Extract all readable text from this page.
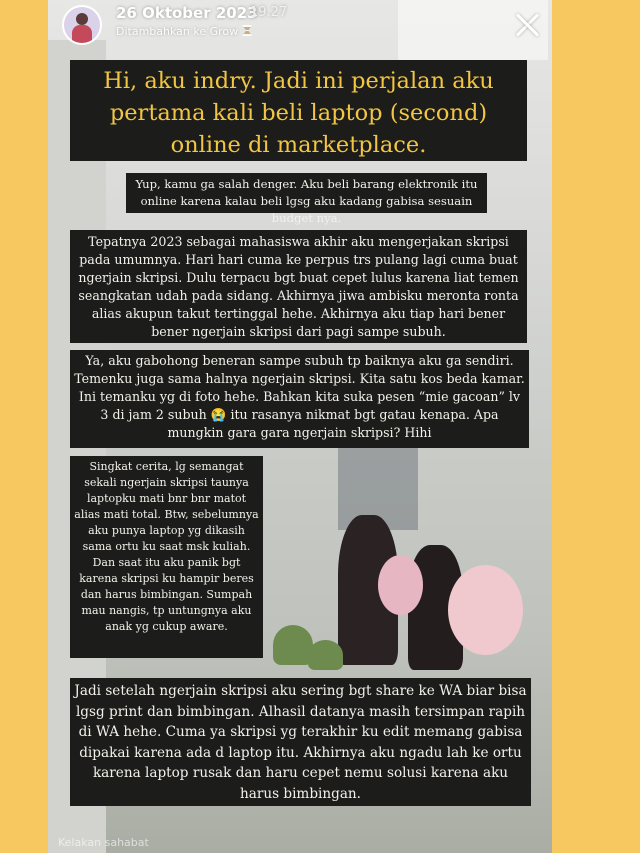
26 Oktober 2023
19.27
Ditambahkan ke Grow

Hi, aku indry. Jadi ini perjalan aku pertama kali beli laptop (second) online di marketplace.

Yup, kamu ga salah denger. Aku beli barang elektronik itu online karena kalau beli lgsg aku kadang gabisa sesuain budget nya.

Tepatnya 2023 sebagai mahasiswa akhir aku mengerjakan skripsi pada umumnya. Hari hari cuma ke perpus trs pulang lagi cuma buat ngerjain skripsi. Dulu terpacu bgt buat cepet lulus karena liat temen seangkatan udah pada sidang. Akhirnya jiwa ambisku meronta ronta alias akupun takut tertinggal hehe. Akhirnya aku tiap hari bener bener ngerjain skripsi dari pagi sampe subuh.

Ya, aku gabohong beneran sampe subuh tp baiknya aku ga sendiri. Temenku juga sama halnya ngerjain skripsi. Kita satu kos beda kamar. Ini temanku yg di foto hehe. Bahkan kita suka pesen “mie gacoan” lv 3 di jam 2 subuh 😭 itu rasanya nikmat bgt gatau kenapa. Apa mungkin gara gara ngerjain skripsi? Hihi

Singkat cerita, lg semangat sekali ngerjain skripsi taunya laptopku mati bnr bnr matot alias mati total. Btw, sebelumnya aku punya laptop yg dikasih sama ortu ku saat msk kuliah. Dan saat itu aku panik bgt karena skripsi ku hampir beres dan harus bimbingan. Sumpah mau nangis, tp untungnya aku anak yg cukup aware.

Jadi setelah ngerjain skripsi aku sering bgt share ke WA biar bisa lgsg print dan bimbingan. Alhasil datanya masih tersimpan rapih di WA hehe. Cuma ya skripsi yg terakhir ku edit memang gabisa dipakai karena ada d laptop itu. Akhirnya aku ngadu lah ke ortu karena laptop rusak dan haru cepet nemu solusi karena aku harus bimbingan.

Kelakan sahabat
